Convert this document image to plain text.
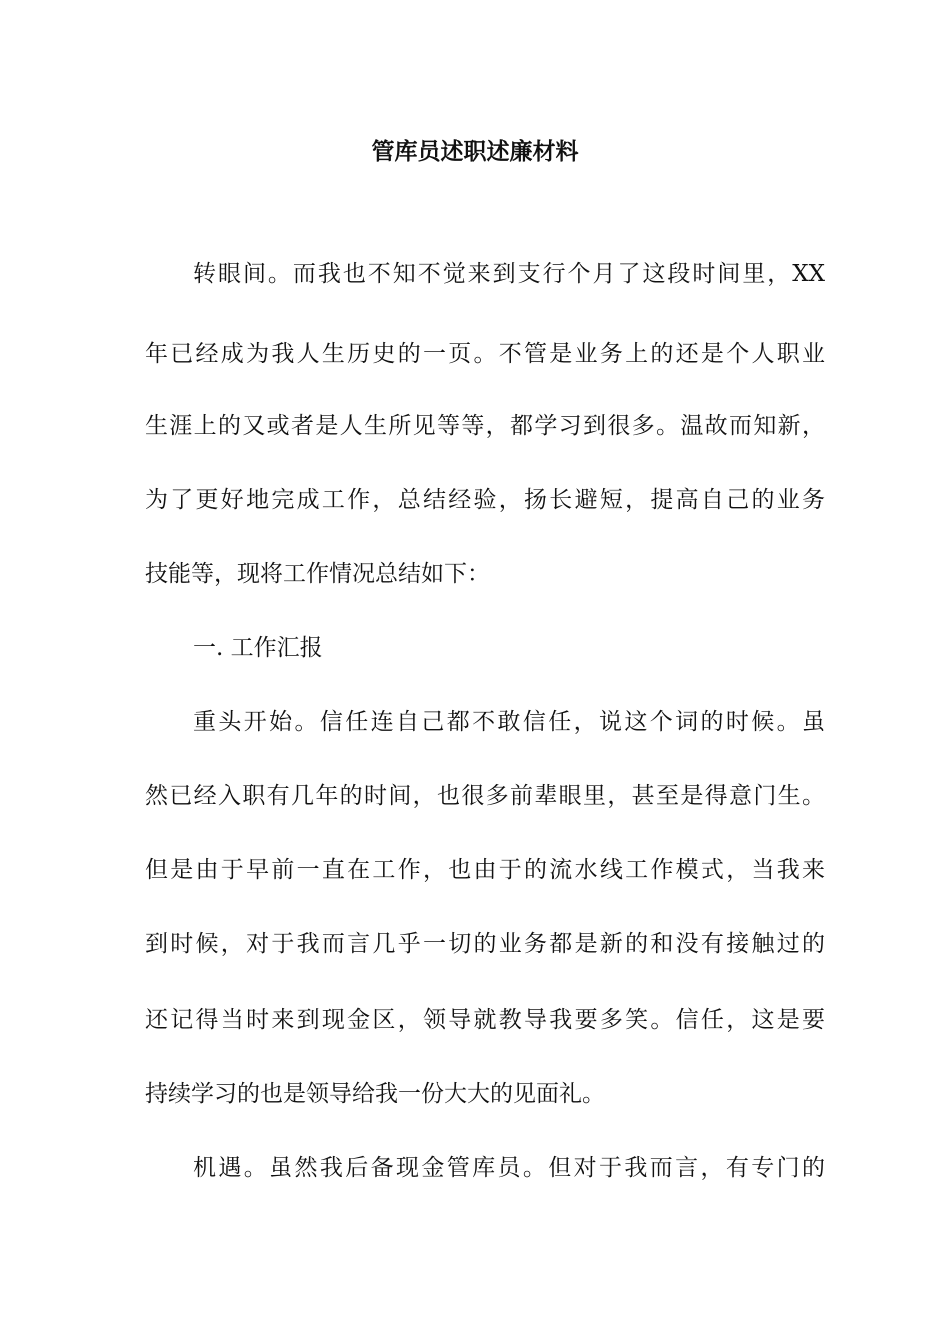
管库员述职述廉材料
转眼间。而我也不知不觉来到支行个月了这段时间里，XX
年已经成为我人生历史的一页。不管是业务上的还是个人职业
生涯上的又或者是人生所见等等，都学习到很多。温故而知新，
为了更好地完成工作，总结经验，扬长避短，提高自己的业务
技能等，现将工作情况总结如下：
一. 工作汇报
重头开始。信任连自己都不敢信任，说这个词的时候。虽
然已经入职有几年的时间，也很多前辈眼里，甚至是得意门生。
但是由于早前一直在工作，也由于的流水线工作模式，当我来
到时候，对于我而言几乎一切的业务都是新的和没有接触过的
还记得当时来到现金区，领导就教导我要多笑。信任，这是要
持续学习的也是领导给我一份大大的见面礼。
机遇。虽然我后备现金管库员。但对于我而言，有专门的
